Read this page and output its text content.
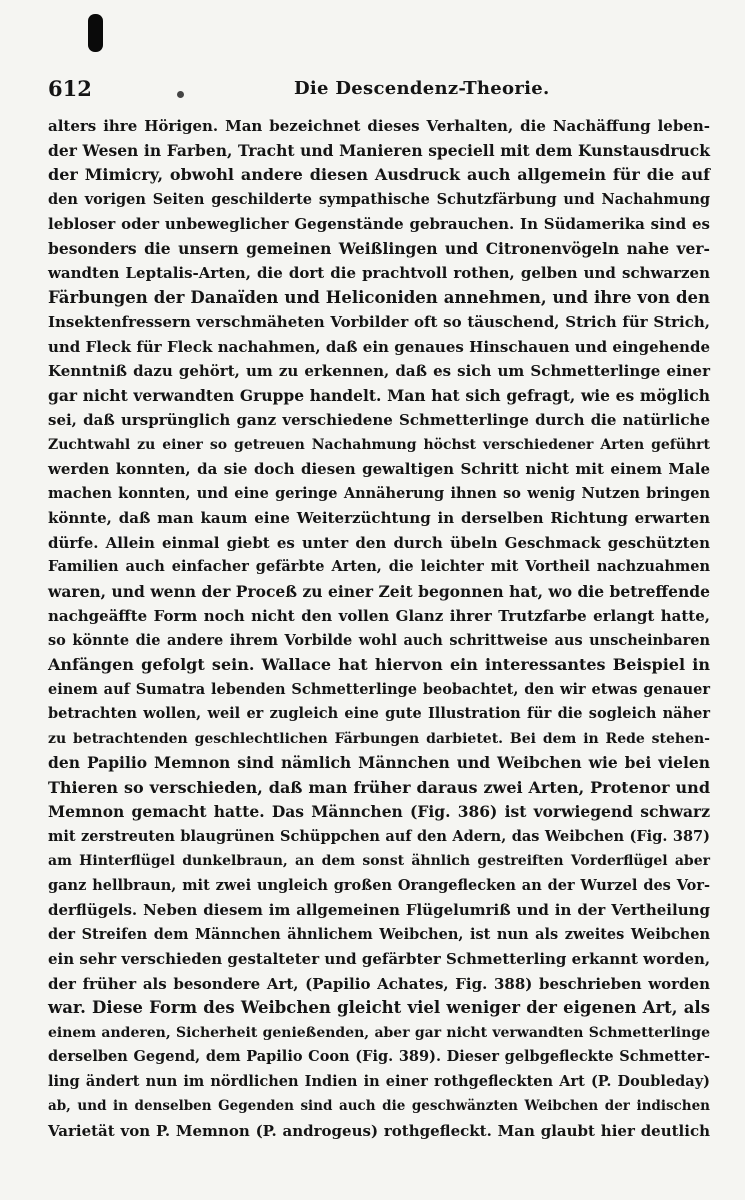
612	Die Descendenz-Theorie.
alters ihre Hörigen. Man bezeichnet dieses Verhalten, die Nachäffung leben-
der Wesen in Farben, Tracht und Manieren speciell mit dem Kunstausdruck
der Mimicry, obwohl andere diesen Ausdruck auch allgemein für die auf
den vorigen Seiten geschilderte sympathische Schutzfärbung und Nachahmung
lebloser oder unbeweglicher Gegenstände gebrauchen. In Südamerika sind es
besonders die unsern gemeinen Weißlingen und Citronenvögeln nahe ver-
wandten Leptalis-Arten, die dort die prachtvoll rothen, gelben und schwarzen
Färbungen der Danaïden und Heliconiden annehmen, und ihre von den
Insektenfressern verschmäheten Vorbilder oft so täuschend, Strich für Strich,
und Fleck für Fleck nachahmen, daß ein genaues Hinschauen und eingehende
Kenntniß dazu gehört, um zu erkennen, daß es sich um Schmetterlinge einer
gar nicht verwandten Gruppe handelt. Man hat sich gefragt, wie es möglich
sei, daß ursprünglich ganz verschiedene Schmetterlinge durch die natürliche
Zuchtwahl zu einer so getreuen Nachahmung höchst verschiedener Arten geführt
werden konnten, da sie doch diesen gewaltigen Schritt nicht mit einem Male
machen konnten, und eine geringe Annäherung ihnen so wenig Nutzen bringen
könnte, daß man kaum eine Weiterzüchtung in derselben Richtung erwarten
dürfe. Allein einmal giebt es unter den durch übeln Geschmack geschützten
Familien auch einfacher gefärbte Arten, die leichter mit Vortheil nachzuahmen
waren, und wenn der Proceß zu einer Zeit begonnen hat, wo die betreffende
nachgeäffte Form noch nicht den vollen Glanz ihrer Trutzfarbe erlangt hatte,
so könnte die andere ihrem Vorbilde wohl auch schrittweise aus unscheinbaren
Anfängen gefolgt sein. Wallace hat hiervon ein interessantes Beispiel in
einem auf Sumatra lebenden Schmetterlinge beobachtet, den wir etwas genauer
betrachten wollen, weil er zugleich eine gute Illustration für die sogleich näher
zu betrachtenden geschlechtlichen Färbungen darbietet. Bei dem in Rede stehen-
den Papilio Memnon sind nämlich Männchen und Weibchen wie bei vielen
Thieren so verschieden, daß man früher daraus zwei Arten, Protenor und
Memnon gemacht hatte. Das Männchen (Fig. 386) ist vorwiegend schwarz
mit zerstreuten blaugrünen Schüppchen auf den Adern, das Weibchen (Fig. 387)
am Hinterflügel dunkelbraun, an dem sonst ähnlich gestreiften Vorderflügel aber
ganz hellbraun, mit zwei ungleich großen Orangeflecken an der Wurzel des Vor-
derflügels. Neben diesem im allgemeinen Flügelumriß und in der Vertheilung
der Streifen dem Männchen ähnlichem Weibchen, ist nun als zweites Weibchen
ein sehr verschieden gestalteter und gefärbter Schmetterling erkannt worden,
der früher als besondere Art, (Papilio Achates, Fig. 388) beschrieben worden
war. Diese Form des Weibchen gleicht viel weniger der eigenen Art, als
einem anderen, Sicherheit genießenden, aber gar nicht verwandten Schmetterlinge
derselben Gegend, dem Papilio Coon (Fig. 389). Dieser gelbgefleckte Schmetter-
ling ändert nun im nördlichen Indien in einer rothgefleckten Art (P. Doubleday)
ab, und in denselben Gegenden sind auch die geschwänzten Weibchen der indischen
Varietät von P. Memnon (P. androgeus) rothgefleckt. Man glaubt hier deutlich
